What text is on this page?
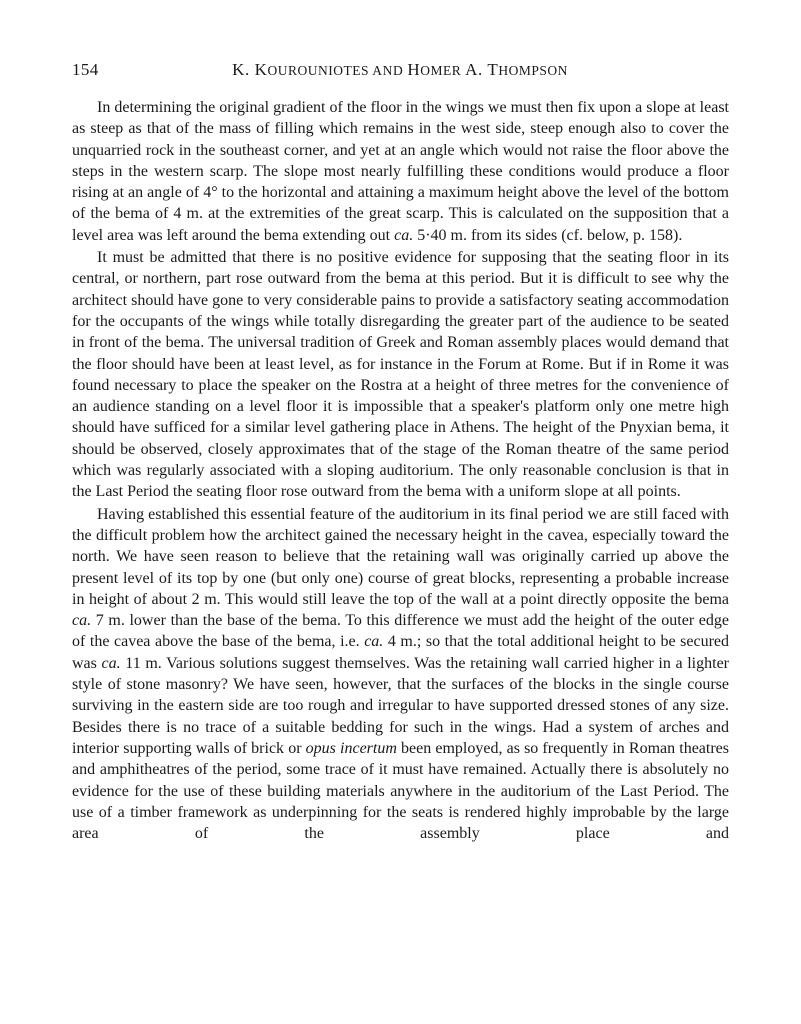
154	K. KOUROUNIOTES AND HOMER A. THOMPSON

In determining the original gradient of the floor in the wings we must then fix upon a slope at least as steep as that of the mass of filling which remains in the west side, steep enough also to cover the unquarried rock in the southeast corner, and yet at an angle which would not raise the floor above the steps in the western scarp. The slope most nearly fulfilling these conditions would produce a floor rising at an angle of 4° to the horizontal and attaining a maximum height above the level of the bottom of the bema of 4 m. at the extremities of the great scarp. This is calculated on the supposition that a level area was left around the bema extending out ca. 5·40 m. from its sides (cf. below, p. 158).

It must be admitted that there is no positive evidence for supposing that the seating floor in its central, or northern, part rose outward from the bema at this period. But it is difficult to see why the architect should have gone to very considerable pains to provide a satisfactory seating accommodation for the occupants of the wings while totally disregarding the greater part of the audience to be seated in front of the bema. The universal tradition of Greek and Roman assembly places would demand that the floor should have been at least level, as for instance in the Forum at Rome. But if in Rome it was found necessary to place the speaker on the Rostra at a height of three metres for the convenience of an audience standing on a level floor it is impossible that a speaker's platform only one metre high should have sufficed for a similar level gathering place in Athens. The height of the Pnyxian bema, it should be observed, closely approximates that of the stage of the Roman theatre of the same period which was regularly associated with a sloping auditorium. The only reasonable conclusion is that in the Last Period the seating floor rose outward from the bema with a uniform slope at all points.

Having established this essential feature of the auditorium in its final period we are still faced with the difficult problem how the architect gained the necessary height in the cavea, especially toward the north. We have seen reason to believe that the retaining wall was originally carried up above the present level of its top by one (but only one) course of great blocks, representing a probable increase in height of about 2 m. This would still leave the top of the wall at a point directly opposite the bema ca. 7 m. lower than the base of the bema. To this difference we must add the height of the outer edge of the cavea above the base of the bema, i.e. ca. 4 m.; so that the total additional height to be secured was ca. 11 m. Various solutions suggest themselves. Was the retaining wall carried higher in a lighter style of stone masonry? We have seen, however, that the surfaces of the blocks in the single course surviving in the eastern side are too rough and irregular to have supported dressed stones of any size. Besides there is no trace of a suitable bedding for such in the wings. Had a system of arches and interior supporting walls of brick or opus incertum been employed, as so frequently in Roman theatres and amphitheatres of the period, some trace of it must have remained. Actually there is absolutely no evidence for the use of these building materials anywhere in the auditorium of the Last Period. The use of a timber framework as underpinning for the seats is rendered highly improbable by the large area of the assembly place and
